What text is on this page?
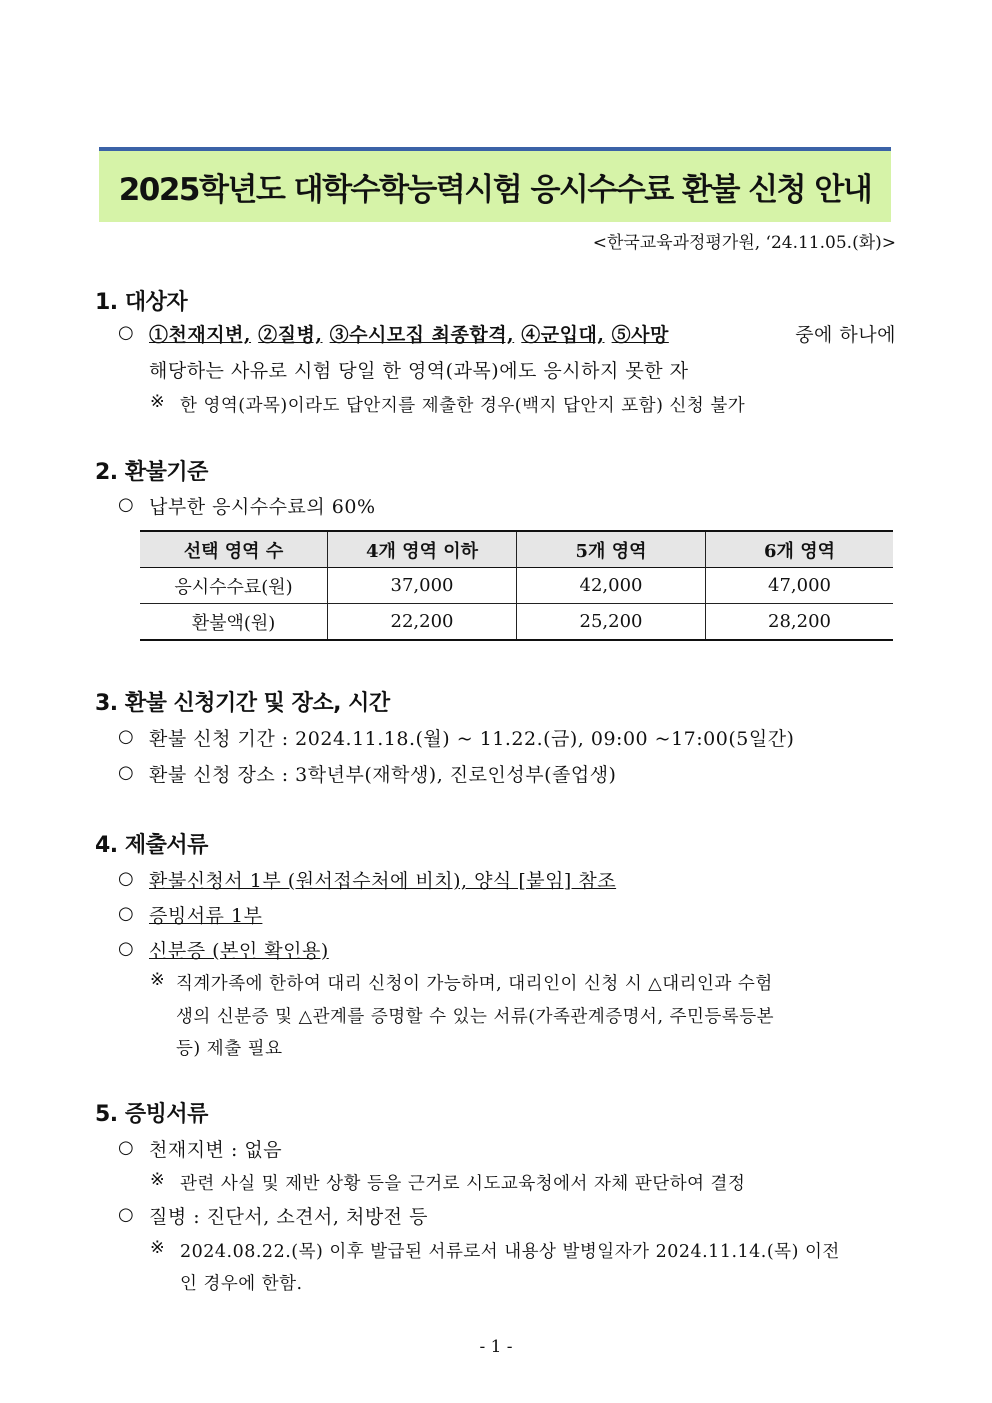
2025학년도 대학수학능력시험 응시수수료 환불 신청 안내
<한국교육과정평가원, ‘24.11.05.(화)>
1. 대상자
○ ①천재지변, ②질병, ③수시모집 최종합격, ④군입대, ⑤사망	중에 하나에
해당하는 사유로 시험 당일 한 영역(과목)에도 응시하지 못한 자
※ 한 영역(과목)이라도 답안지를 제출한 경우(백지 답안지 포함) 신청 불가
2. 환불기준
○ 납부한 응시수수료의 60%
선택 영역 수	4개 영역 이하	5개 영역	6개 영역
응시수수료(원)	37,000	42,000	47,000
환불액(원)	22,200	25,200	28,200
3. 환불 신청기간 및 장소, 시간
○ 환불 신청 기간 : 2024.11.18.(월) ~ 11.22.(금), 09:00 ~17:00(5일간)
○ 환불 신청 장소 : 3학년부(재학생), 진로인성부(졸업생)
4. 제출서류
○ 환불신청서 1부 (원서접수처에 비치), 양식 [붙임] 참조
○ 증빙서류 1부
○ 신분증 (본인 확인용)
※ 직계가족에 한하여 대리 신청이 가능하며, 대리인이 신청 시 △대리인과 수험
생의 신분증 및 △관계를 증명할 수 있는 서류(가족관계증명서, 주민등록등본
등) 제출 필요
5. 증빙서류
○ 천재지변 : 없음
※ 관련 사실 및 제반 상황 등을 근거로 시도교육청에서 자체 판단하여 결정
○ 질병 : 진단서, 소견서, 처방전 등
※ 2024.08.22.(목) 이후 발급된 서류로서 내용상 발병일자가 2024.11.14.(목) 이전
인 경우에 한함.
- 1 -
